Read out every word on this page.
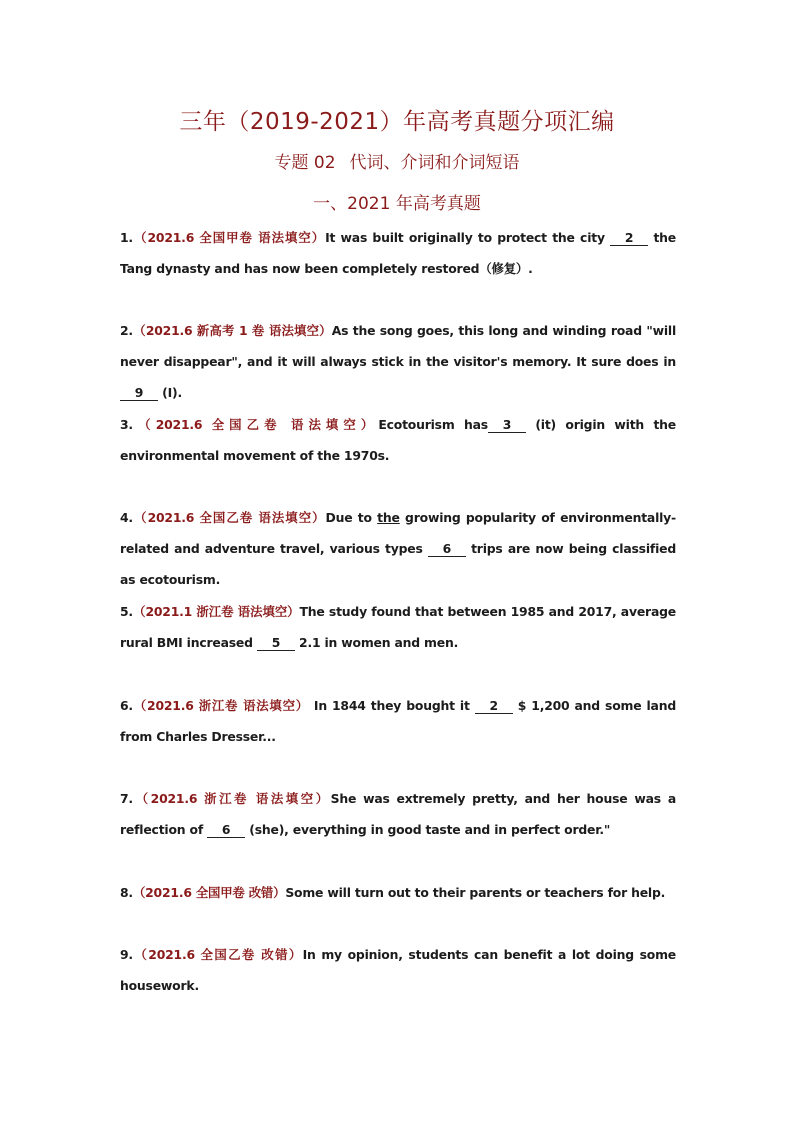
三年（2019-2021）年高考真题分项汇编
专题 02 代词、介词和介词短语
一、2021 年高考真题
1.（2021.6 全国甲卷 语法填空）It was built originally to protect the city 2 the Tang dynasty and has now been completely restored（修复）.
2.（2021.6 新高考 1 卷 语法填空）As the song goes, this long and winding road "will never disappear", and it will always stick in the visitor's memory. It sure does in 9 (I).
3.（2021.6 全国乙卷 语法填空）Ecotourism has 3 (it) origin with the environmental movement of the 1970s.
4.（2021.6 全国乙卷 语法填空）Due to the growing popularity of environmentally-related and adventure travel, various types 6 trips are now being classified as ecotourism.
5.（2021.1 浙江卷 语法填空）The study found that between 1985 and 2017, average rural BMI increased 5 2.1 in women and men.
6.（2021.6 浙江卷 语法填空） In 1844 they bought it 2 $ 1,200 and some land from Charles Dresser...
7.（2021.6 浙江卷 语法填空）She was extremely pretty, and her house was a reflection of 6 (she), everything in good taste and in perfect order."
8.（2021.6 全国甲卷 改错）Some will turn out to their parents or teachers for help.
9.（2021.6 全国乙卷 改错）In my opinion, students can benefit a lot doing some housework.
